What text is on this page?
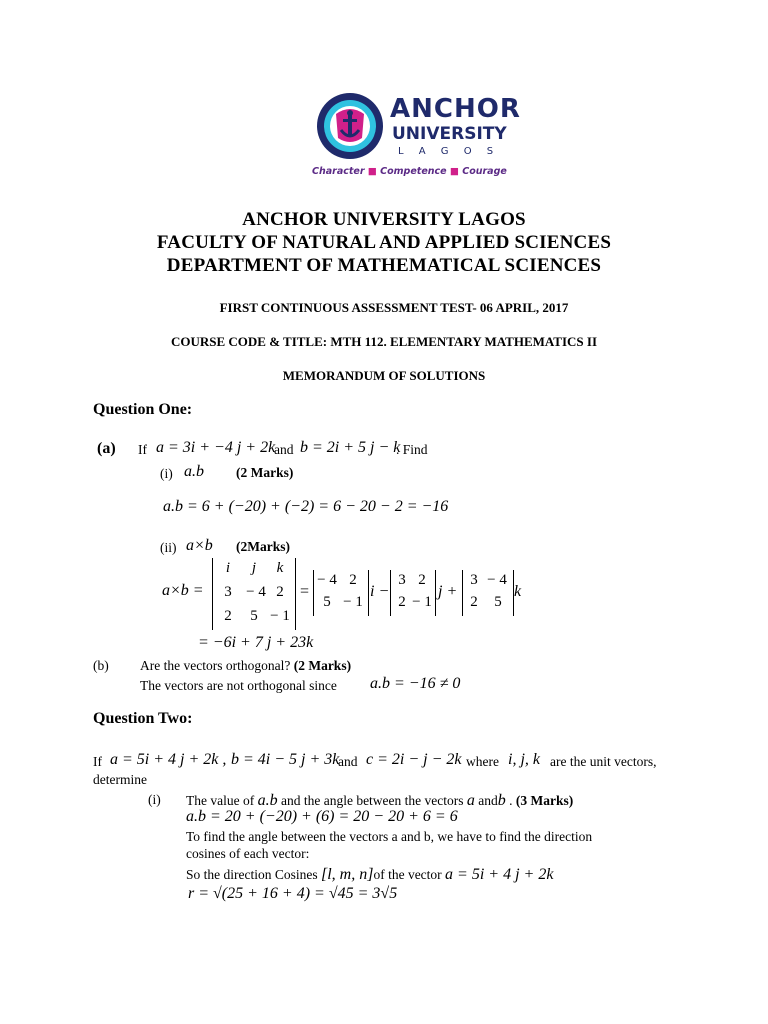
ANCHOR
UNIVERSITY
L A G O S
Character ■ Competence ■ Courage
ANCHOR UNIVERSITY LAGOS
FACULTY OF NATURAL AND APPLIED SCIENCES
DEPARTMENT OF MATHEMATICAL SCIENCES
FIRST CONTINUOUS ASSESSMENT TEST- 06 APRIL, 2017
COURSE CODE & TITLE: MTH 112. ELEMENTARY MATHEMATICS II
MEMORANDUM OF SOLUTIONS
Question One:
(a) If a = 3i + −4 j + 2k
and b = 2i + 5 j − k
. Find
(i) a.b (2 Marks)
a.b = 6 + (−20) + (−2) = 6 − 20 − 2 = −16
(ii) a×b (2Marks)
a×b =
i	j	k
3 − 4 2
2	5 − 1
=
− 4 2
5 − 1
i −
3 2
2 − 1
j +
3 − 4
2	5
k
= −6i + 7 j + 23k
(b) Are the vectors orthogonal? (2 Marks)
The vectors are not orthogonal since a.b = −16 ≠ 0
Question Two:
If a = 5i + 4 j + 2k , b = 4i − 5 j + 3k
and c = 2i − j − 2k where i, j, k are the unit vectors,
determine
(i) The value of a.b and the angle between the vectors a andb . (3 Marks)
a.b = 20 + (−20) + (6) = 20 − 20 + 6 = 6
To find the angle between the vectors a and b, we have to find the direction
cosines of each vector:
So the direction Cosines [l, m, n]of the vector a = 5i + 4 j + 2k
r = √(25 + 16 + 4) = √45 = 3√5
